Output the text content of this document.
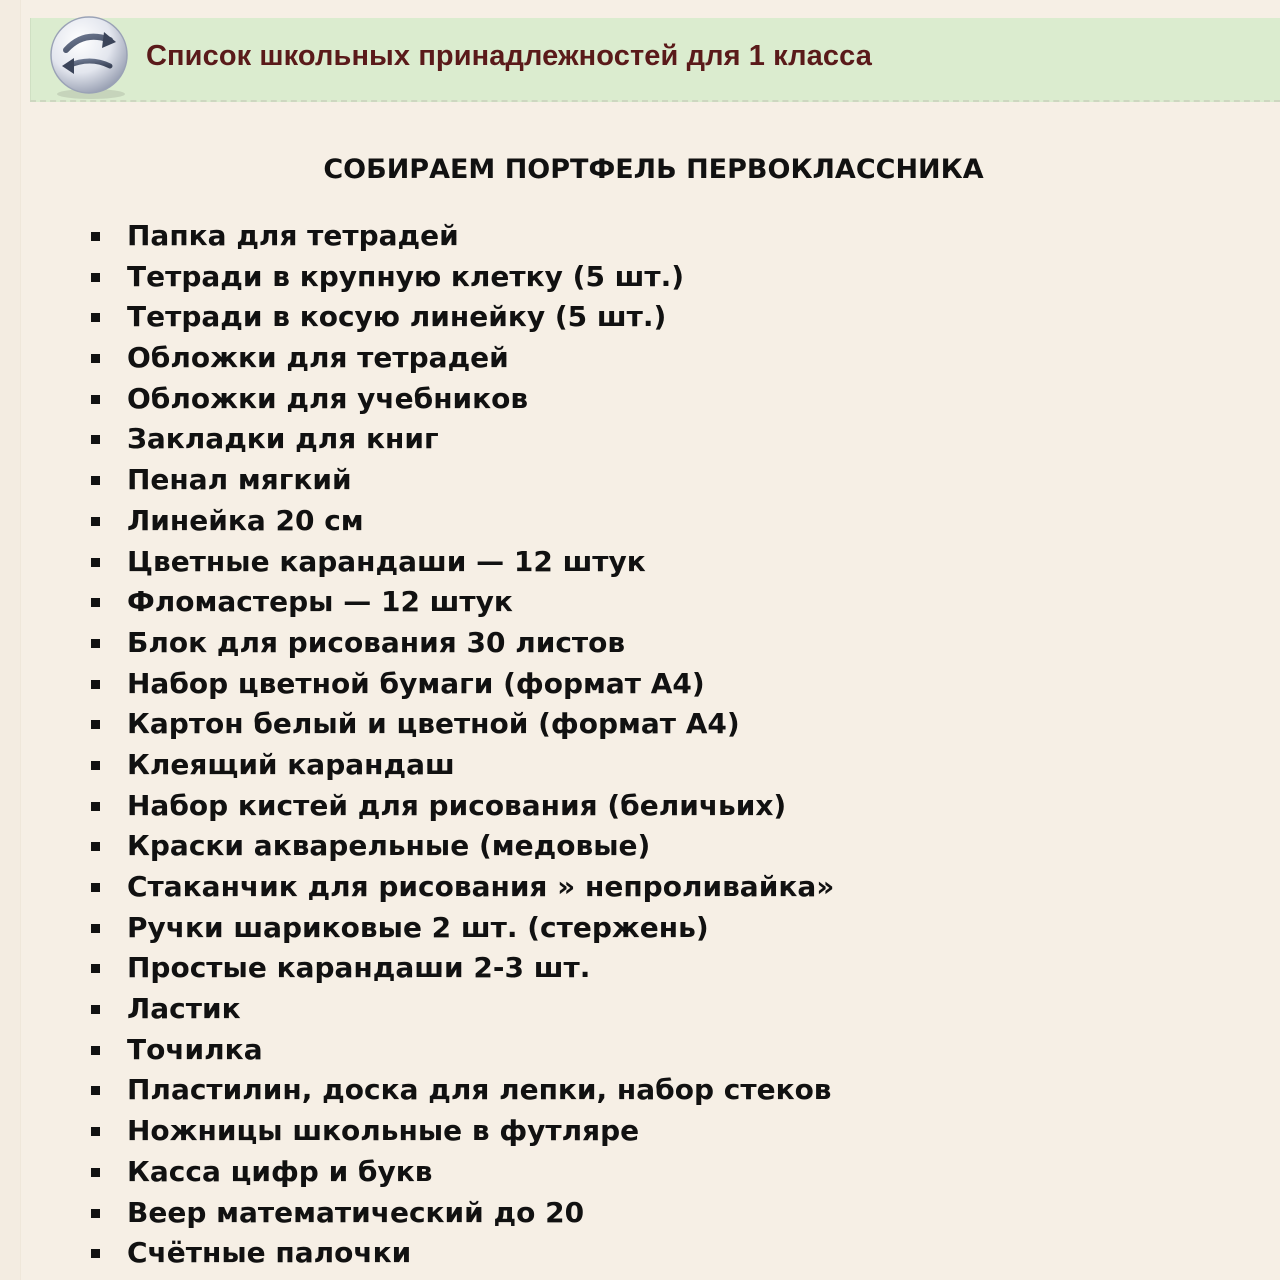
Список школьных принадлежностей для 1 класса
СОБИРАЕМ ПОРТФЕЛЬ ПЕРВОКЛАССНИКА
Папка для тетрадей
Тетради в крупную клетку (5 шт.)
Тетради в косую линейку (5 шт.)
Обложки для тетрадей
Обложки для учебников
Закладки для книг
Пенал мягкий
Линейка 20 см
Цветные карандаши — 12 штук
Фломастеры — 12 штук
Блок для рисования 30 листов
Набор цветной бумаги (формат А4)
Картон белый и цветной (формат А4)
Клеящий карандаш
Набор кистей для рисования (беличьих)
Краски акварельные (медовые)
Стаканчик для рисования » непроливайка»
Ручки шариковые 2 шт. (стержень)
Простые карандаши 2-3 шт.
Ластик
Точилка
Пластилин, доска для лепки, набор стеков
Ножницы школьные в футляре
Касса цифр и букв
Веер математический до 20
Счётные палочки
